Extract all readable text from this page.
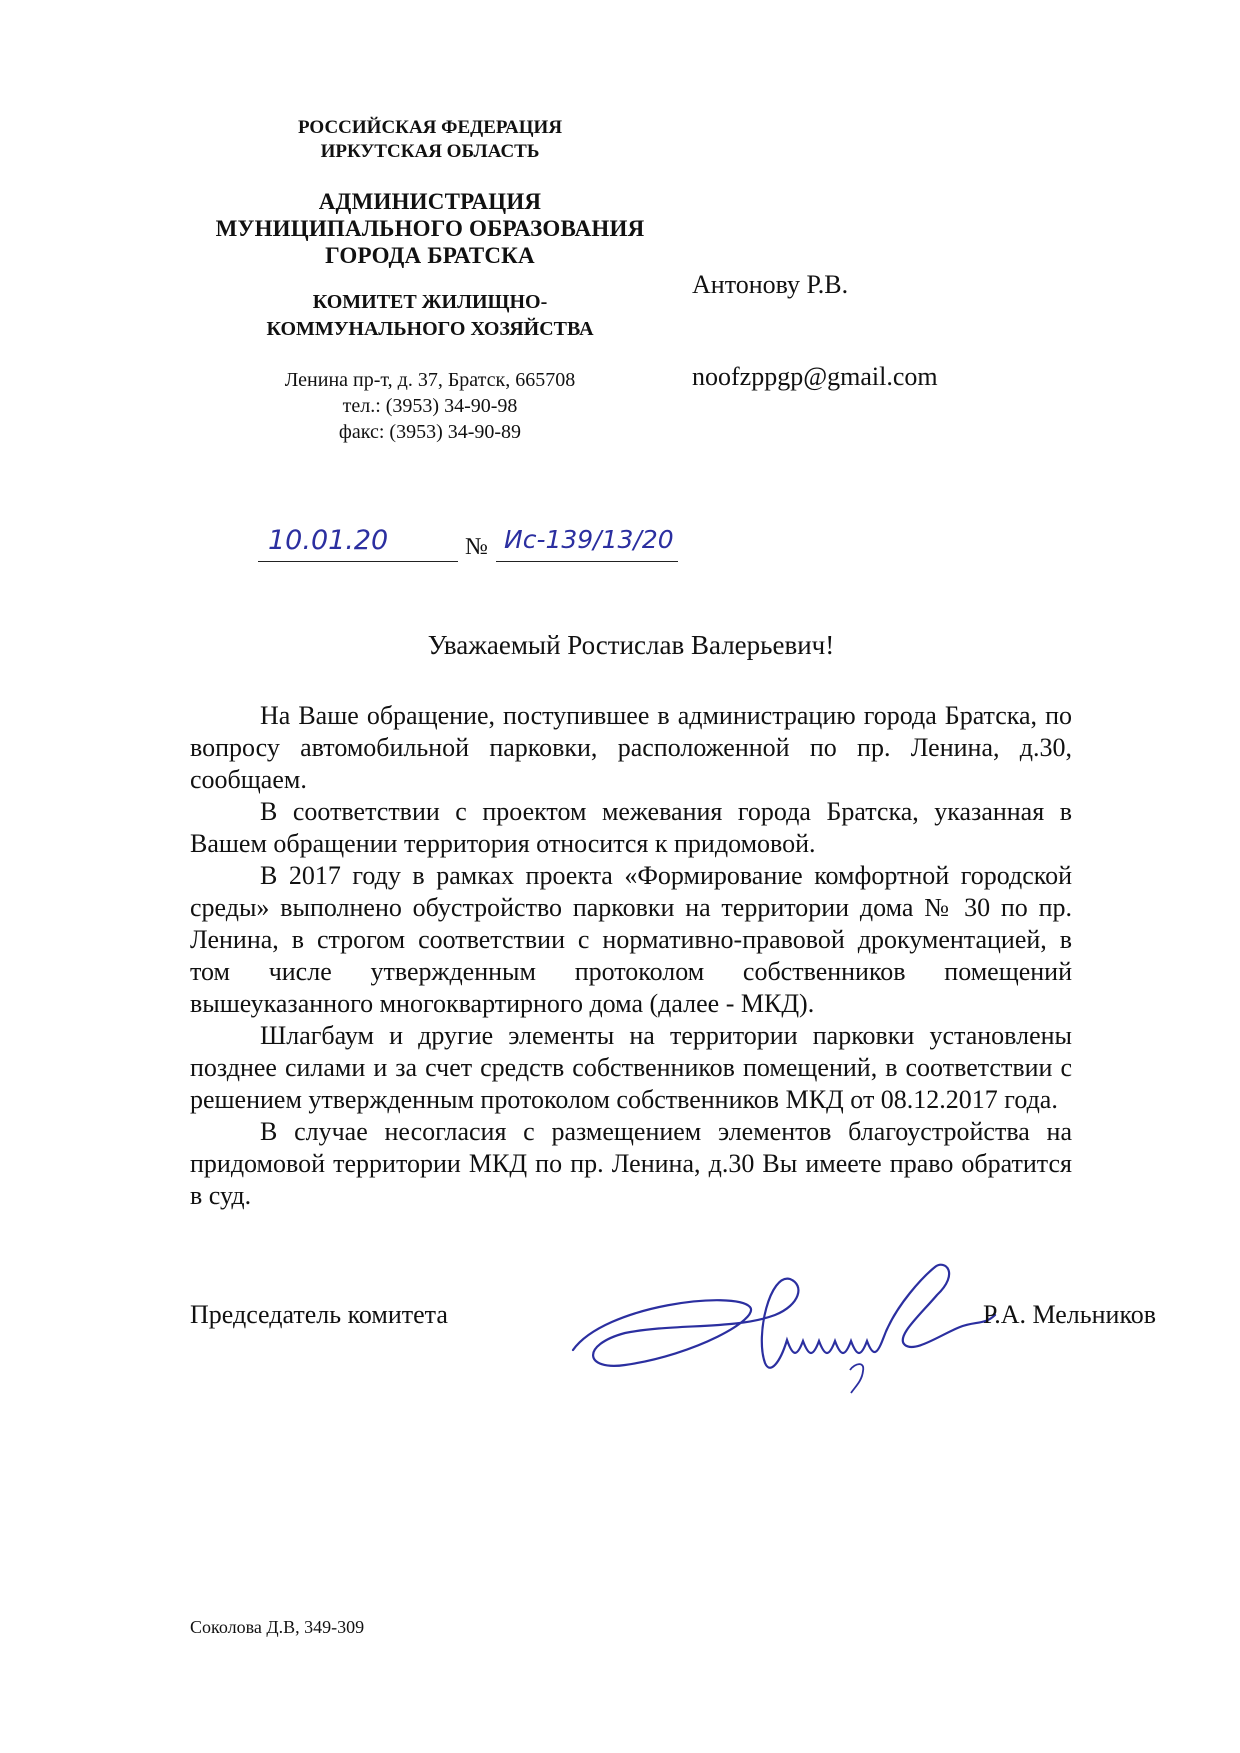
РОССИЙСКАЯ ФЕДЕРАЦИЯ
ИРКУТСКАЯ ОБЛАСТЬ
АДМИНИСТРАЦИЯ
МУНИЦИПАЛЬНОГО ОБРАЗОВАНИЯ
ГОРОДА БРАТСКА
КОМИТЕТ ЖИЛИЩНО-
КОММУНАЛЬНОГО ХОЗЯЙСТВА
Ленина пр-т, д. 37, Братск, 665708
тел.: (3953) 34-90-98
факс: (3953) 34-90-89
Антонову Р.В.
noofzppgp@gmail.com
10.01.20	№ Ис-139/13/20
Уважаемый Ростислав Валерьевич!

На Ваше обращение, поступившее в администрацию города Братска, по вопросу автомобильной парковки, расположенной по пр. Ленина, д.30, сообщаем.

В соответствии с проектом межевания города Братска, указанная в Вашем обращении территория относится к придомовой.

В 2017 году в рамках проекта «Формирование комфортной городской среды» выполнено обустройство парковки на территории дома № 30 по пр. Ленина, в строгом соответствии с нормативно-правовой дрокументацией, в том числе утвержденным протоколом собственников помещений вышеуказанного многоквартирного дома (далее - МКД).

Шлагбаум и другие элементы на территории парковки установлены позднее силами и за счет средств собственников помещений, в соответствии с решением утвержденным протоколом собственников МКД от 08.12.2017 года.

В случае несогласия с размещением элементов благоустройства на придомовой территории МКД по пр. Ленина, д.30 Вы имеете право обратится в суд.

Председатель комитета	Р.А. Мельников
Соколова Д.В, 349-309
